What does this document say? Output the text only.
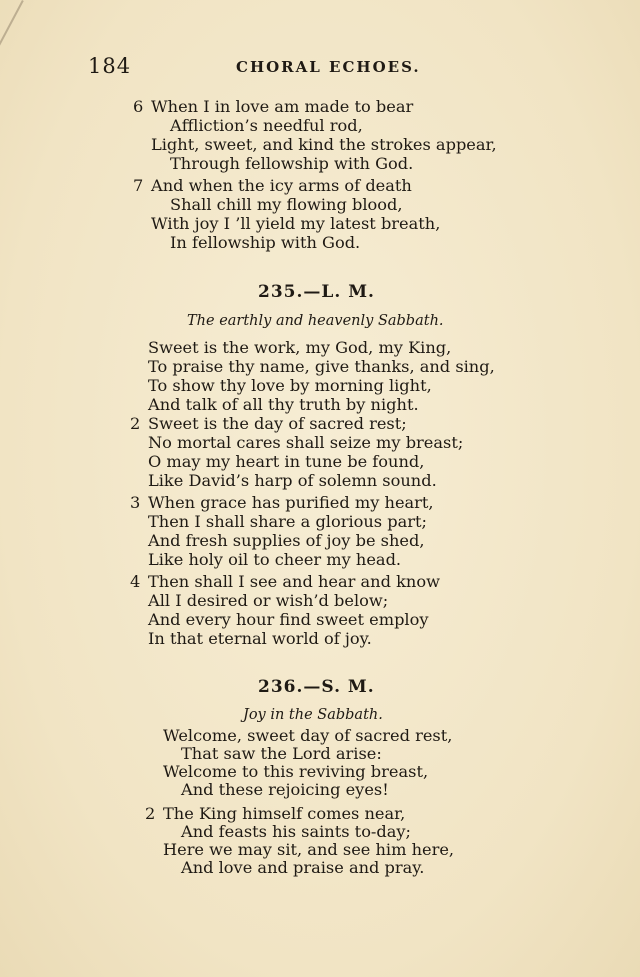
184	CHORAL ECHOES.
6 When I in love am made to bear
Affliction’s needful rod,
Light, sweet, and kind the strokes appear,
Through fellowship with God.
7 And when the icy arms of death
Shall chill my flowing blood,
With joy I ’ll yield my latest breath,
In fellowship with God.
235.—L. M.
The earthly and heavenly Sabbath.
Sweet is the work, my God, my King,
To praise thy name, give thanks, and sing,
To show thy love by morning light,
And talk of all thy truth by night.
2 Sweet is the day of sacred rest;
No mortal cares shall seize my breast;
O may my heart in tune be found,
Like David’s harp of solemn sound.
3 When grace has purified my heart,
Then I shall share a glorious part;
And fresh supplies of joy be shed,
Like holy oil to cheer my head.
4 Then shall I see and hear and know
All I desired or wish’d below;
And every hour find sweet employ
In that eternal world of joy.
236.—S. M.
Joy in the Sabbath.
Welcome, sweet day of sacred rest,
That saw the Lord arise:
Welcome to this reviving breast,
And these rejoicing eyes!
2 The King himself comes near,
And feasts his saints to-day;
Here we may sit, and see him here,
And love and praise and pray.
